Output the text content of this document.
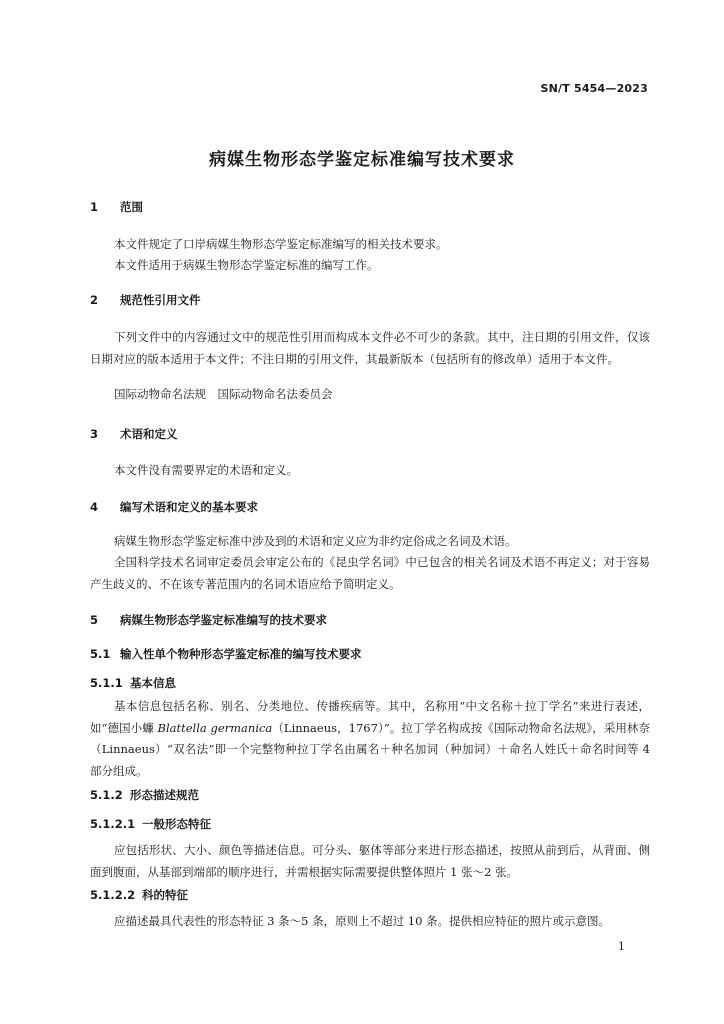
SN/T 5454—2023
病媒生物形态学鉴定标准编写技术要求
1 范围
本文件规定了口岸病媒生物形态学鉴定标准编写的相关技术要求。
本文件适用于病媒生物形态学鉴定标准的编写工作。
2 规范性引用文件
下列文件中的内容通过文中的规范性引用而构成本文件必不可少的条款。其中，注日期的引用文件，仅该日期对应的版本适用于本文件；不注日期的引用文件，其最新版本（包括所有的修改单）适用于本文件。
国际动物命名法规　国际动物命名法委员会
3 术语和定义
本文件没有需要界定的术语和定义。
4 编写术语和定义的基本要求
病媒生物形态学鉴定标准中涉及到的术语和定义应为非约定俗成之名词及术语。
全国科学技术名词审定委员会审定公布的《昆虫学名词》中已包含的相关名词及术语不再定义；对于容易产生歧义的、不在该专著范围内的名词术语应给予简明定义。
5 病媒生物形态学鉴定标准编写的技术要求
5.1 输入性单个物种形态学鉴定标准的编写技术要求
5.1.1 基本信息
基本信息包括名称、别名、分类地位、传播疾病等。其中，名称用“中文名称＋拉丁学名”来进行表述，如“德国小蠊 Blattella germanica（Linnaeus，1767）”。拉丁学名构成按《国际动物命名法规》，采用林奈（Linnaeus）“双名法”即一个完整物种拉丁学名由属名＋种名加词（种加词）＋命名人姓氏＋命名时间等 4 部分组成。
5.1.2 形态描述规范
5.1.2.1 一般形态特征
应包括形状、大小、颜色等描述信息。可分头、躯体等部分来进行形态描述，按照从前到后，从背面、侧面到腹面，从基部到端部的顺序进行，并需根据实际需要提供整体照片 1 张～2 张。
5.1.2.2 科的特征
应描述最具代表性的形态特征 3 条～5 条，原则上不超过 10 条。提供相应特征的照片或示意图。
1
